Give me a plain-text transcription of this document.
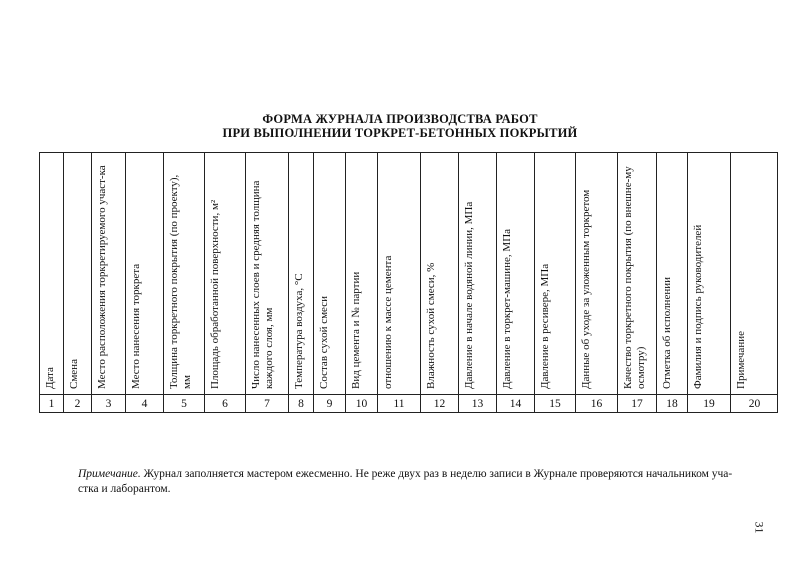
ФОРМА ЖУРНАЛА ПРОИЗВОДСТВА РАБОТ
ПРИ ВЫПОЛНЕНИИ ТОРКРЕТ-БЕТОННЫХ ПОКРЫТИЙ
Дата
1
Смена
2
Место расположения торкретируемого участ-ка
3
Место нанесения торкрета
4
Толщина торкретного покрытия (по проекту), мм
5
Площадь обработанной поверхности, м²
6
Число нанесенных слоев и средняя толщина каждого слоя, мм
7
Температура воздуха, °С
8
Состав сухой смеси
9
Вид цемента и № партии
10
отношению к массе цемента
11
Влажность сухой смеси, %
12
Давление в начале водяной линии, МПа
13
Давление в торкрет-машине, МПа
14
Давление в ресивере, МПа
15
Данные об уходе за уложенным торкретом
16
Качество торкретного покрытия (по внешне-му осмотру)
17
Отметка об исполнении
18
Фамилия и подпись руководителей
19
Примечание
20
Примечание. Журнал заполняется мастером ежесменно. Не реже двух раз в неделю записи в Журнале проверяются начальником уча-стка и лаборантом.
31
